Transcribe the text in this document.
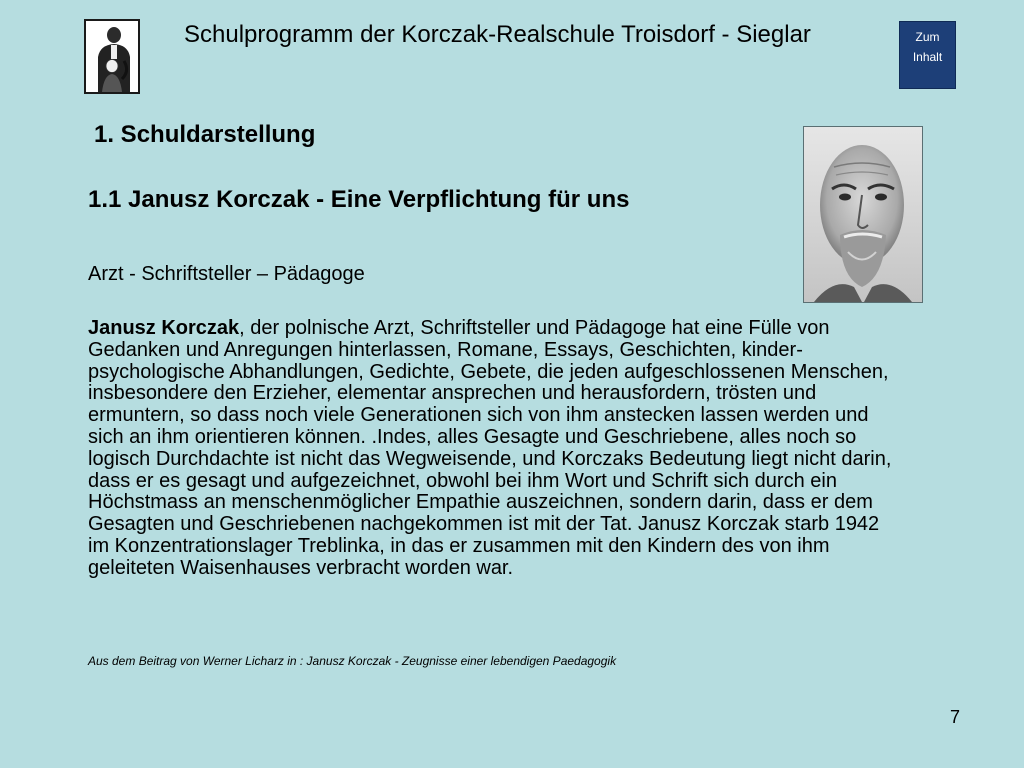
Schulprogramm der Korczak-Realschule Troisdorf - Sieglar	Zum
Inhalt
1. Schuldarstellung
1.1 Janusz Korczak - Eine Verpflichtung für uns
Arzt - Schriftsteller – Pädagoge

Janusz Korczak, der polnische Arzt, Schriftsteller und Pädagoge hat eine Fülle von Gedanken und Anregungen hinterlassen, Romane, Essays, Geschichten, kinder-psychologische Abhandlungen, Gedichte, Gebete, die jeden aufgeschlossenen Menschen, insbesondere den Erzieher, elementar ansprechen und herausfordern, trösten und ermuntern, so dass noch viele Generationen sich von ihm anstecken lassen werden und sich an ihm orientieren können. .Indes, alles Gesagte und Geschriebene, alles noch so logisch Durchdachte ist nicht das Wegweisende, und Korczaks Bedeutung liegt nicht darin, dass er es gesagt und aufgezeichnet, obwohl bei ihm Wort und Schrift sich durch ein Höchstmass an menschenmöglicher Empathie auszeichnen, sondern darin, dass er dem Gesagten und Geschriebenen nachgekommen ist mit der Tat. Janusz Korczak starb 1942 im Konzentrationslager Treblinka, in das er zusammen mit den Kindern des von ihm geleiteten Waisenhauses verbracht worden war.

Aus dem Beitrag von Werner Licharz in : Janusz Korczak - Zeugnisse einer lebendigen Paedagogik
7
